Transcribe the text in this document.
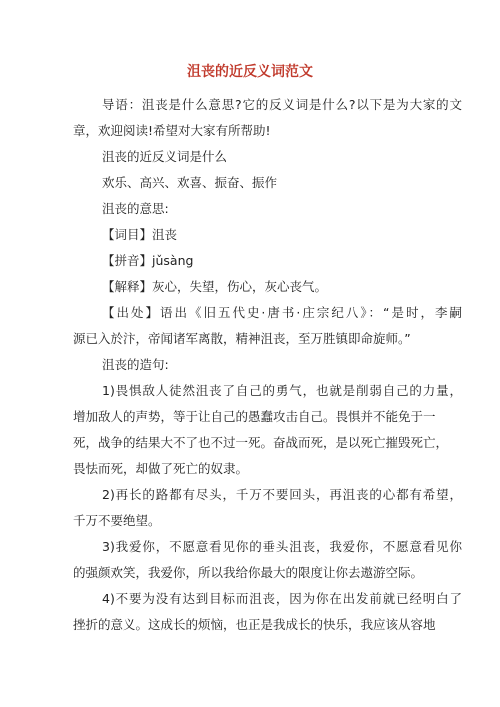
沮丧的近反义词范文
导语：沮丧是什么意思?它的反义词是什么?以下是为大家的文
章，欢迎阅读!希望对大家有所帮助!
沮丧的近反义词是什么
欢乐、高兴、欢喜、振奋、振作
沮丧的意思:
【词目】沮丧
【拼音】jǔsàng
【解释】灰心，失望，伤心，灰心丧气。
【出处】语出《旧五代史·唐书·庄宗纪八》：“是时，李嗣
源已入於汴，帝闻诸军离散，精神沮丧，至万胜镇即命旋师。”
沮丧的造句:
1)畏惧敌人徒然沮丧了自己的勇气，也就是削弱自己的力量，
增加敌人的声势，等于让自己的愚蠢攻击自己。畏惧并不能免于一
死，战争的结果大不了也不过一死。奋战而死，是以死亡摧毁死亡，
畏怯而死，却做了死亡的奴隶。
2)再长的路都有尽头，千万不要回头，再沮丧的心都有希望，
千万不要绝望。
3)我爱你，不愿意看见你的垂头沮丧，我爱你，不愿意看见你
的强颜欢笑，我爱你，所以我给你最大的限度让你去遨游空际。
4)不要为没有达到目标而沮丧，因为你在出发前就已经明白了
挫折的意义。这成长的烦恼，也正是我成长的快乐，我应该从容地
